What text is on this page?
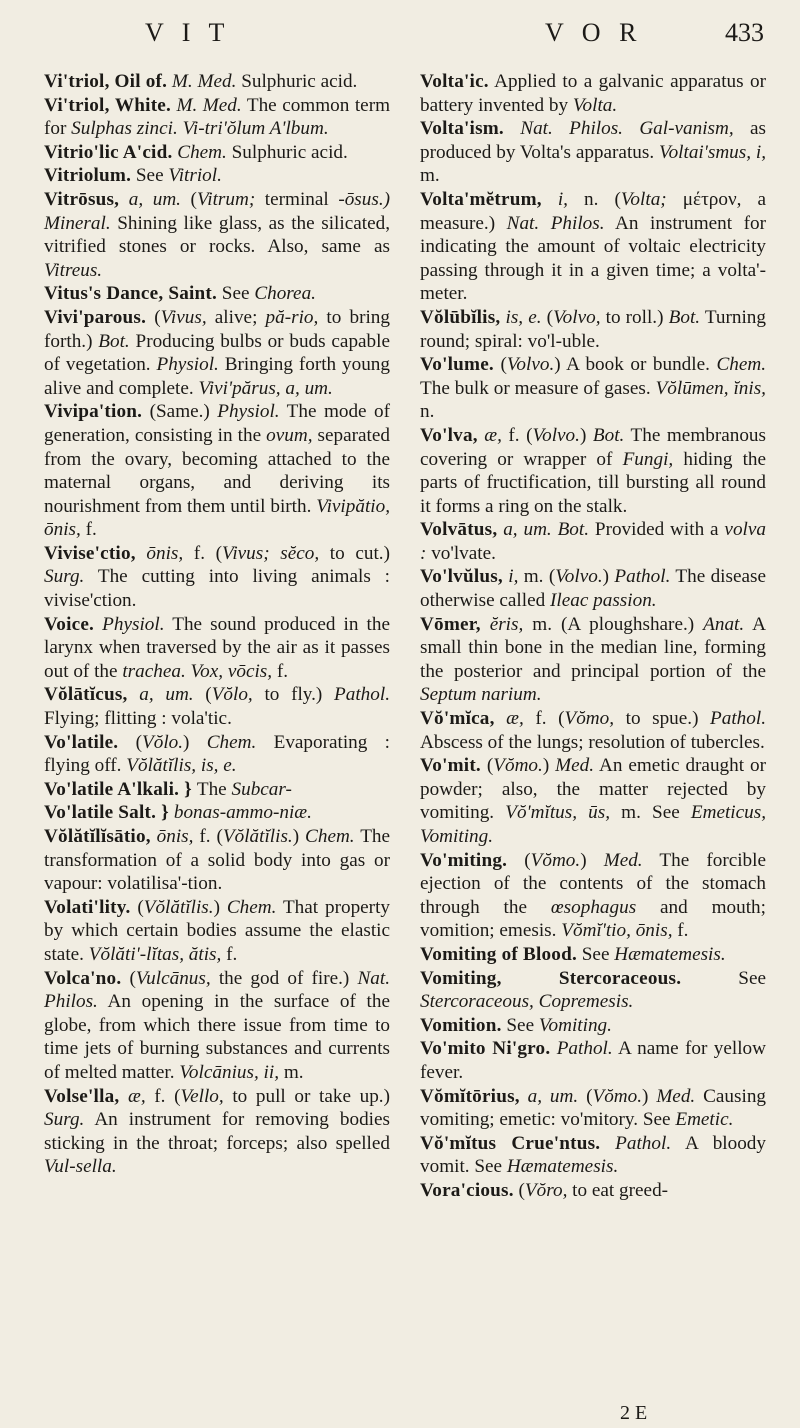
V I T	V O R	433

Vi'triol, Oil of. M. Med. Sulphuric acid.

Vi'triol, White. M. Med. The common term for Sulphas zinci. Vi-tri'ŏlum A'lbum.

Vitrio'lic A'cid. Chem. Sulphuric acid.

Vitriolum. See Vitriol.

Vitrōsus, a, um. (Vitrum; terminal -ōsus.) Mineral. Shining like glass, as the silicated, vitrified stones or rocks. Also, same as Vitreus.

Vitus's Dance, Saint. See Chorea.

Vivi'parous. (Vivus, alive; pă-rio, to bring forth.) Bot. Producing bulbs or buds capable of vegetation. Physiol. Bringing forth young alive and complete. Vivi'părus, a, um.

Vivipa'tion. (Same.) Physiol. The mode of generation, consisting in the ovum, separated from the ovary, becoming attached to the maternal organs, and deriving its nourishment from them until birth. Vivipătio, ōnis, f.

Vivise'ctio, ōnis, f. (Vivus; sĕco, to cut.) Surg. The cutting into living animals : vivise'ction.

Voice. Physiol. The sound produced in the larynx when traversed by the air as it passes out of the trachea. Vox, vōcis, f.

Vŏlātĭcus, a, um. (Vŏlo, to fly.) Pathol. Flying; flitting : vola'tic.

Vo'latile. (Vŏlo.) Chem. Evaporating : flying off. Vŏlătĭlis, is, e.

Vo'latile A'lkali. } The Subcar-

Vo'latile Salt. } bonas-ammo-niæ.

Vŏlătĭlĭsātio, ōnis, f. (Vŏlătĭlis.) Chem. The transformation of a solid body into gas or vapour: volatilisa'-tion.

Volati'lity. (Vŏlătĭlis.) Chem. That property by which certain bodies assume the elastic state. Vŏlăti'-lĭtas, ătis, f.

Volca'no. (Vulcānus, the god of fire.) Nat. Philos. An opening in the surface of the globe, from which there issue from time to time jets of burning substances and currents of melted matter. Volcānius, ii, m.

Volse'lla, æ, f. (Vello, to pull or take up.) Surg. An instrument for removing bodies sticking in the throat; forceps; also spelled Vul-sella.

Volta'ic. Applied to a galvanic apparatus or battery invented by Volta.

Volta'ism. Nat. Philos. Gal-vanism, as produced by Volta's apparatus. Voltai'smus, i, m.

Volta'mĕtrum, i, n. (Volta; μέτρον, a measure.) Nat. Philos. An instrument for indicating the amount of voltaic electricity passing through it in a given time; a volta'-meter.

Vŏlūbĭlis, is, e. (Volvo, to roll.) Bot. Turning round; spiral: vo'l-uble.

Vo'lume. (Volvo.) A book or bundle. Chem. The bulk or measure of gases. Vŏlūmen, ĭnis, n.

Vo'lva, æ, f. (Volvo.) Bot. The membranous covering or wrapper of Fungi, hiding the parts of fructification, till bursting all round it forms a ring on the stalk.

Volvātus, a, um. Bot. Provided with a volva : vo'lvate.

Vo'lvŭlus, i, m. (Volvo.) Pathol. The disease otherwise called Ileac passion.

Vōmer, ĕris, m. (A ploughshare.) Anat. A small thin bone in the median line, forming the posterior and principal portion of the Septum narium.

Vŏ'mĭca, æ, f. (Vŏmo, to spue.) Pathol. Abscess of the lungs; resolution of tubercles.

Vo'mit. (Vŏmo.) Med. An emetic draught or powder; also, the matter rejected by vomiting. Vŏ'mĭtus, ūs, m. See Emeticus, Vomiting.

Vo'miting. (Vŏmo.) Med. The forcible ejection of the contents of the stomach through the œsophagus and mouth; vomition; emesis. Vŏmĭ'tio, ōnis, f.

Vomiting of Blood. See Hæmatemesis.

Vomiting, Stercoraceous. See Stercoraceous, Copremesis.

Vomition. See Vomiting.

Vo'mito Ni'gro. Pathol. A name for yellow fever.

Vŏmĭtōrius, a, um. (Vŏmo.) Med. Causing vomiting; emetic: vo'mitory. See Emetic.

Vŏ'mĭtus Crue'ntus. Pathol. A bloody vomit. See Hæmatemesis.

Vora'cious. (Vŏro, to eat greed-

2 E
